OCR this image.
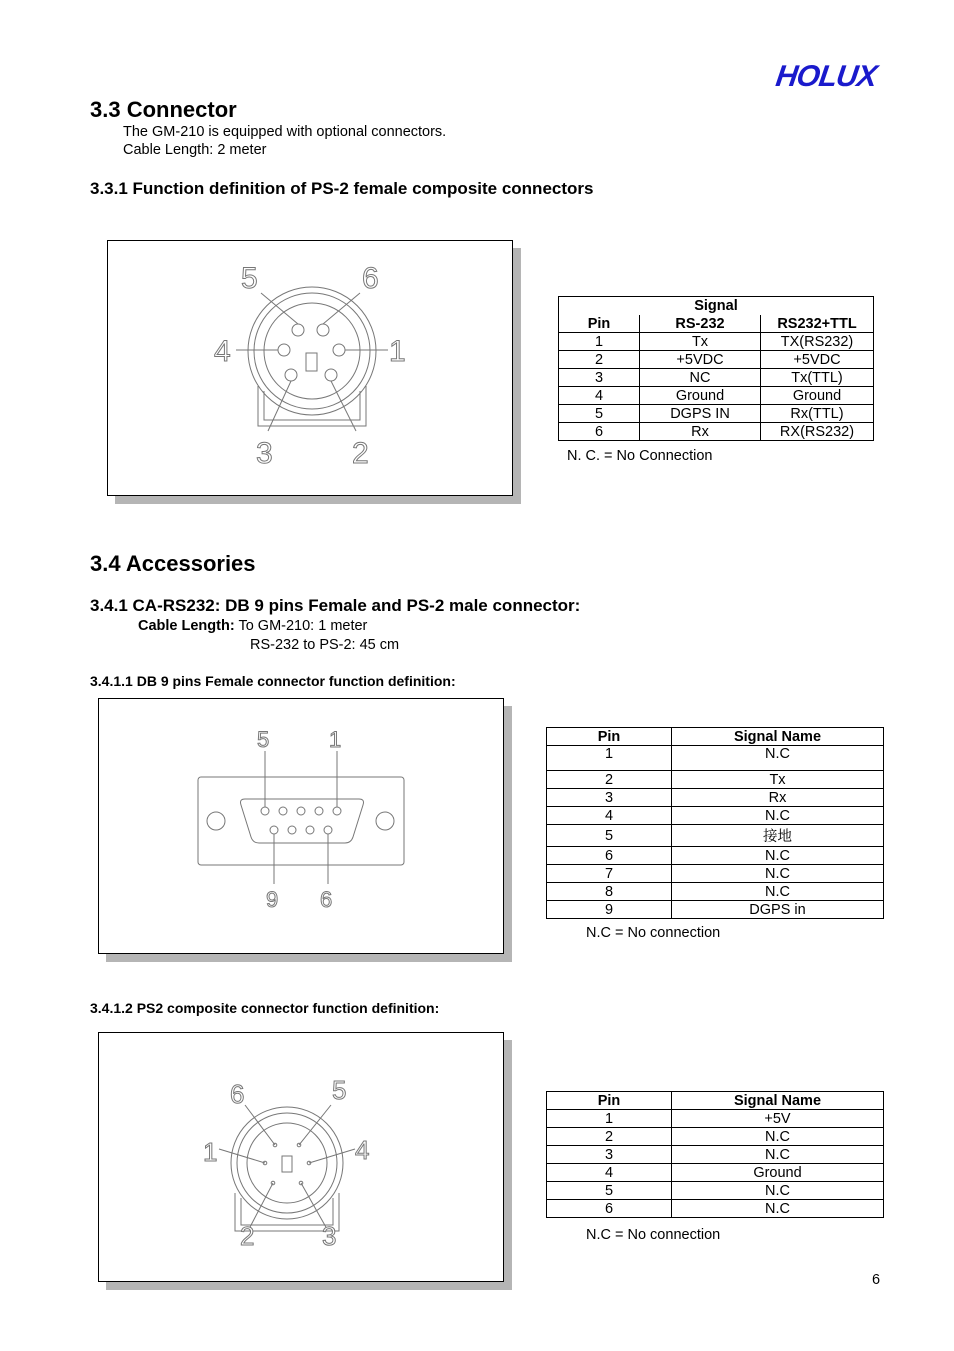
HOLUX
3.3 Connector
The GM-210 is equipped with optional connectors.
Cable Length: 2 meter
3.3.1 Function definition of PS-2 female composite connectors
5	6
4	1
3	2
Signal		
Pin	RS-232	RS232+TTL
1	Tx	TX(RS232)
2	+5VDC	+5VDC
3	NC	Tx(TTL)
4	Ground	Ground
5	DGPS IN	Rx(TTL)
6	Rx	RX(RS232)
N. C. = No Connection
3.4 Accessories
3.4.1 CA-RS232: DB 9 pins Female and PS-2 male connector:
Cable Length: To GM-210: 1 meter
RS-232 to PS-2: 45 cm
3.4.1.1 DB 9 pins Female connector function definition:
5	1
9 6
Pin	Signal Name
1	N.C
2	Tx
3	Rx
4	N.C
5	接地
6	N.C
7	N.C
8	N.C
9	DGPS in
N.C = No connection
3.4.1.2 PS2 composite connector function definition:
6	5
1	4
2	3
Pin	Signal Name
1	+5V
2	N.C
3	N.C
4	Ground
5	N.C
6	N.C
N.C = No connection
6
